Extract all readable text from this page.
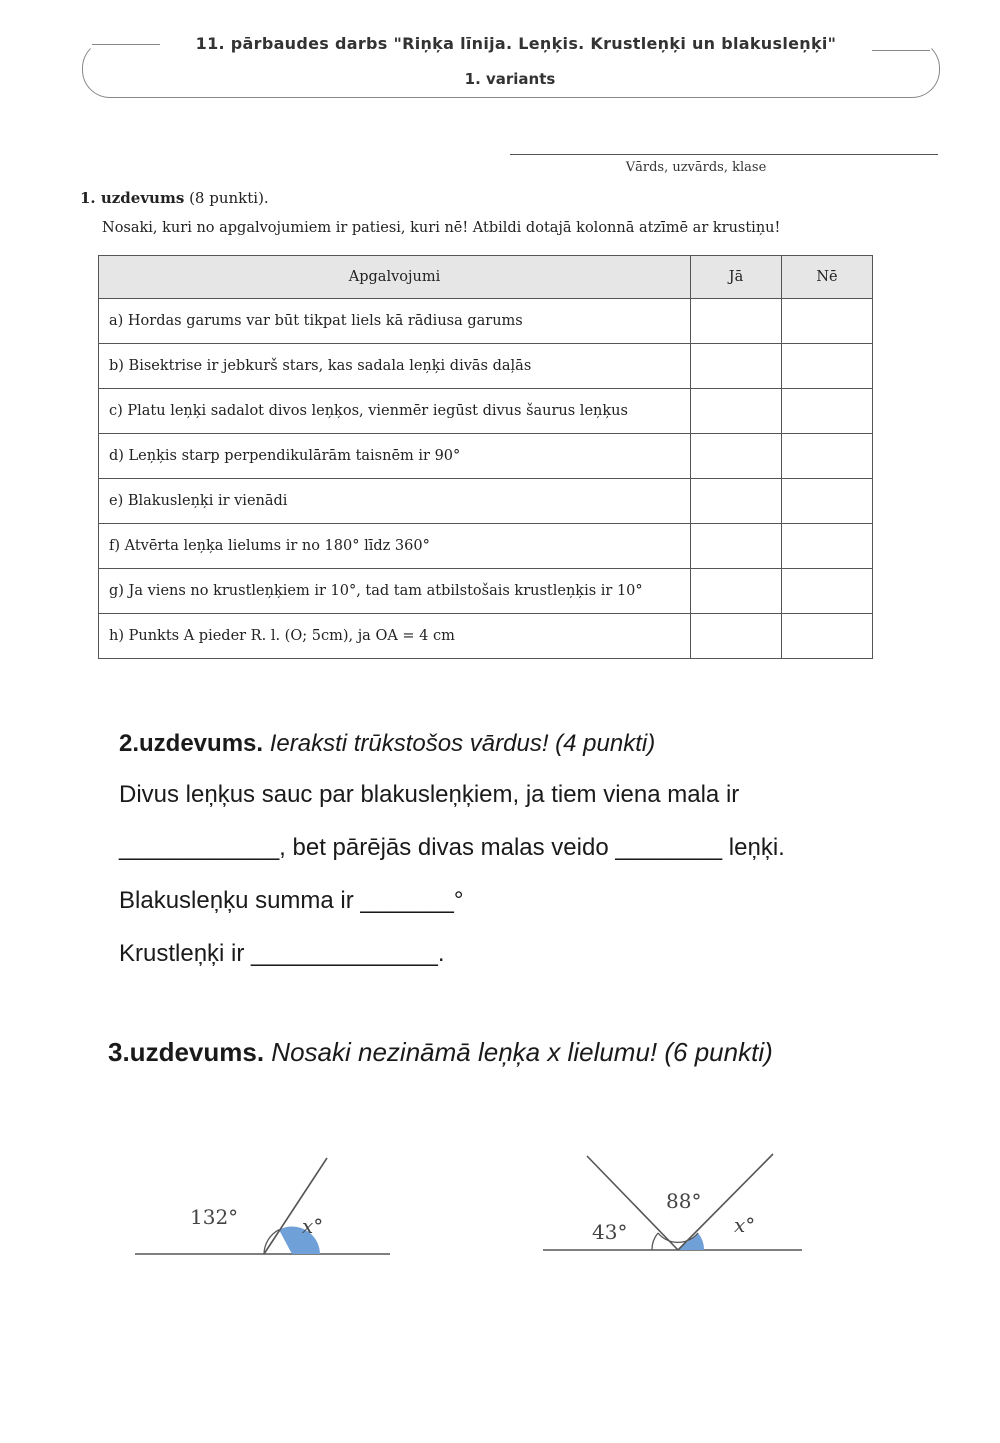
11. pārbaudes darbs "Riņķa līnija. Leņķis. Krustleņķi un blakusleņķi"
1. variants
Vārds, uzvārds, klase
1. uzdevums (8 punkti).
Nosaki, kuri no apgalvojumiem ir patiesi, kuri nē! Atbildi dotajā kolonnā atzīmē ar krustiņu!
Apgalvojumi	Jā	Nē
a) Hordas garums var būt tikpat liels kā rādiusa garums		
b) Bisektrise ir jebkurš stars, kas sadala leņķi divās daļās		
c) Platu leņķi sadalot divos leņķos, vienmēr iegūst divus šaurus leņķus		
d) Leņķis starp perpendikulārām taisnēm ir 90°		
e) Blakusleņķi ir vienādi		
f) Atvērta leņķa lielums ir no 180° līdz 360°		
g) Ja viens no krustleņķiem ir 10°, tad tam atbilstošais krustleņķis ir 10°		
h) Punkts A pieder R. l. (O; 5cm), ja OA = 4 cm		
2.uzdevums. Ieraksti trūkstošos vārdus! (4 punkti)
Divus leņķus sauc par blakusleņķiem, ja tiem viena mala ir
____________, bet pārējās divas malas veido ________ leņķi.
Blakusleņķu summa ir _______°
Krustleņķi ir ______________.
3.uzdevums. Nosaki nezināmā leņķa x lielumu! (6 punkti)
132°	x°	43°
88°
x°
